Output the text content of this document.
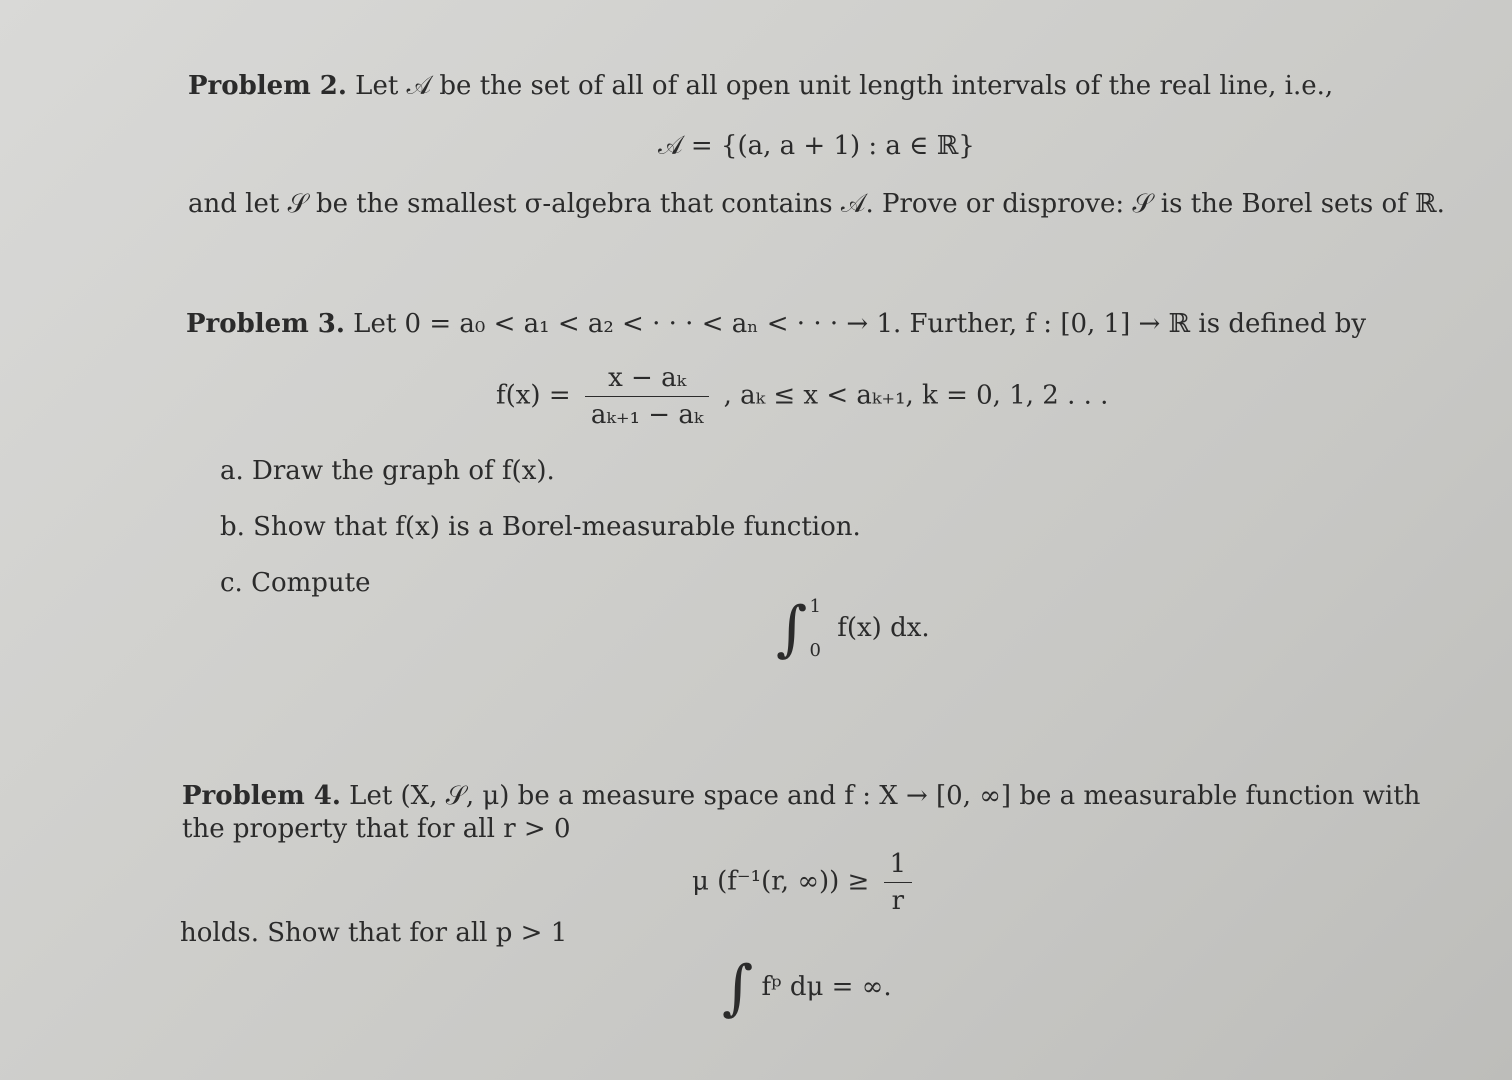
Problem 2. Let 𝒜 be the set of all of all open unit length intervals of the real line, i.e.,
𝒜 = {(a, a + 1) : a ∈ ℝ}
and let 𝒮 be the smallest σ-algebra that contains 𝒜. Prove or disprove: 𝒮 is the Borel sets of ℝ.
Problem 3. Let 0 = a₀ < a₁ < a₂ < · · · < aₙ < · · · → 1. Further, f : [0, 1] → ℝ is defined by
$f(x) = \frac{\text{x − aₖ}}{\text{aₖ₊₁ − aₖ}}$ , aₖ ≤ x < aₖ₊₁, k = 0, 1, 2 . . .
a. Draw the graph of f(x).
b. Show that f(x) is a Borel-measurable function.
c. Compute
∫ 1
0
f(x) dx.
Problem 4. Let (X, 𝒮, μ) be a measure space and f : X → [0, ∞] be a measurable function with
the property that for all r > 0
μ (f⁻¹(r, ∞)) ≥ $\frac{1}{r}$
holds. Show that for all p > 1
∫ fᵖ dμ = ∞.
